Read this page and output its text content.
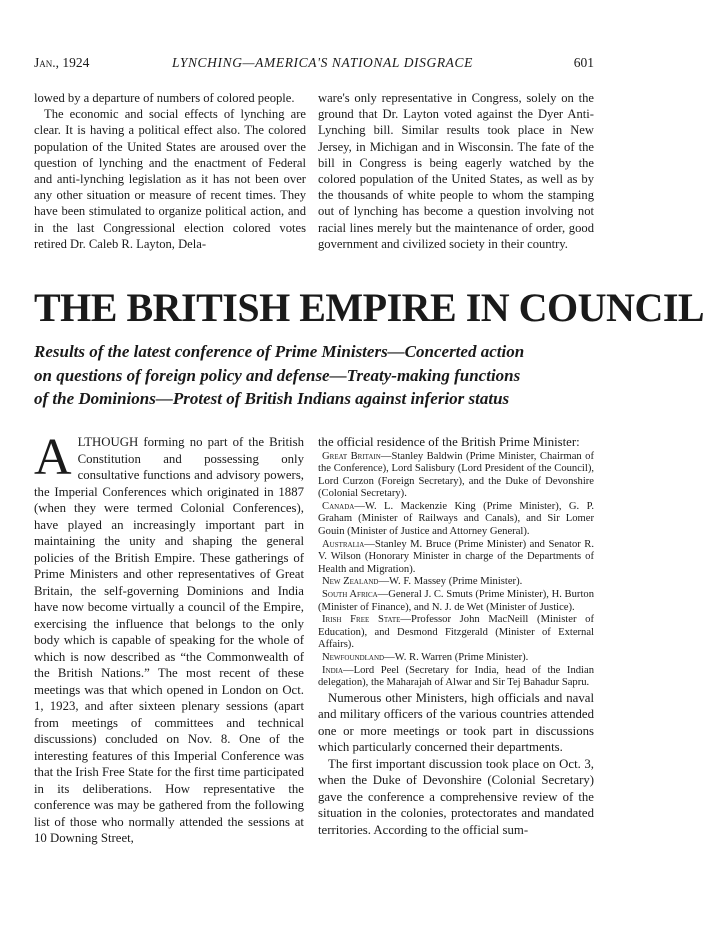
Jan., 1924	LYNCHING—AMERICA'S NATIONAL DISGRACE	601

lowed by a departure of numbers of colored people.

The economic and social effects of lynching are clear. It is having a political effect also. The colored population of the United States are aroused over the question of lynching and the enactment of Federal and anti-lynching legislation as it has not been over any other situation or measure of recent times. They have been stimulated to organize political action, and in the last Congressional election colored votes retired Dr. Caleb R. Layton, Dela-

ware's only representative in Congress, solely on the ground that Dr. Layton voted against the Dyer Anti-Lynching bill. Similar results took place in New Jersey, in Michigan and in Wisconsin. The fate of the bill in Congress is being eagerly watched by the colored population of the United States, as well as by the thousands of white people to whom the stamping out of lynching has become a question involving not racial lines merely but the maintenance of order, good government and civilized society in their country.

THE BRITISH EMPIRE IN COUNCIL
Results of the latest conference of Prime Ministers—Concerted action
on questions of foreign policy and defense—Treaty-making functions
of the Dominions—Protest of British Indians against inferior status
A LTHOUGH forming no part of the British Constitution and possessing only consultative functions and advisory powers, the Imperial Conferences which originated in 1887 (when they were termed Colonial Conferences), have played an increasingly important part in maintaining the unity and shaping the general policies of the British Empire. These gatherings of Prime Ministers and other representatives of Great Britain, the self-governing Dominions and India have now become virtually a council of the Empire, exercising the influence that belongs to the only body which is capable of speaking for the whole of which is now described as “the Commonwealth of the British Nations.” The most recent of these meetings was that which opened in London on Oct. 1, 1923, and after sixteen plenary sessions (apart from meetings of committees and technical discussions) concluded on Nov. 8. One of the interesting features of this Imperial Conference was that the Irish Free State for the first time participated in its deliberations. How representative the conference was may be gathered from the following list of those who normally attended the sessions at 10 Downing Street,

the official residence of the British Prime Minister:

Great Britain—Stanley Baldwin (Prime Minister, Chairman of the Conference), Lord Salisbury (Lord President of the Council), Lord Curzon (Foreign Secretary), and the Duke of Devonshire (Colonial Secretary).

Canada—W. L. Mackenzie King (Prime Minister), G. P. Graham (Minister of Railways and Canals), and Sir Lomer Gouin (Minister of Justice and Attorney General).

Australia—Stanley M. Bruce (Prime Minister) and Senator R. V. Wilson (Honorary Minister in charge of the Departments of Health and Migration).

New Zealand—W. F. Massey (Prime Minister).

South Africa—General J. C. Smuts (Prime Minister), H. Burton (Minister of Finance), and N. J. de Wet (Minister of Justice).

Irish Free State—Professor John MacNeill (Minister of Education), and Desmond Fitzgerald (Minister of External Affairs).

Newfoundland—W. R. Warren (Prime Minister).

India—Lord Peel (Secretary for India, head of the Indian delegation), the Maharajah of Alwar and Sir Tej Bahadur Sapru.

Numerous other Ministers, high officials and naval and military officers of the various countries attended one or more meetings or took part in discussions which particularly concerned their departments.

The first important discussion took place on Oct. 3, when the Duke of Devonshire (Colonial Secretary) gave the conference a comprehensive review of the situation in the colonies, protectorates and mandated territories. According to the official sum-
